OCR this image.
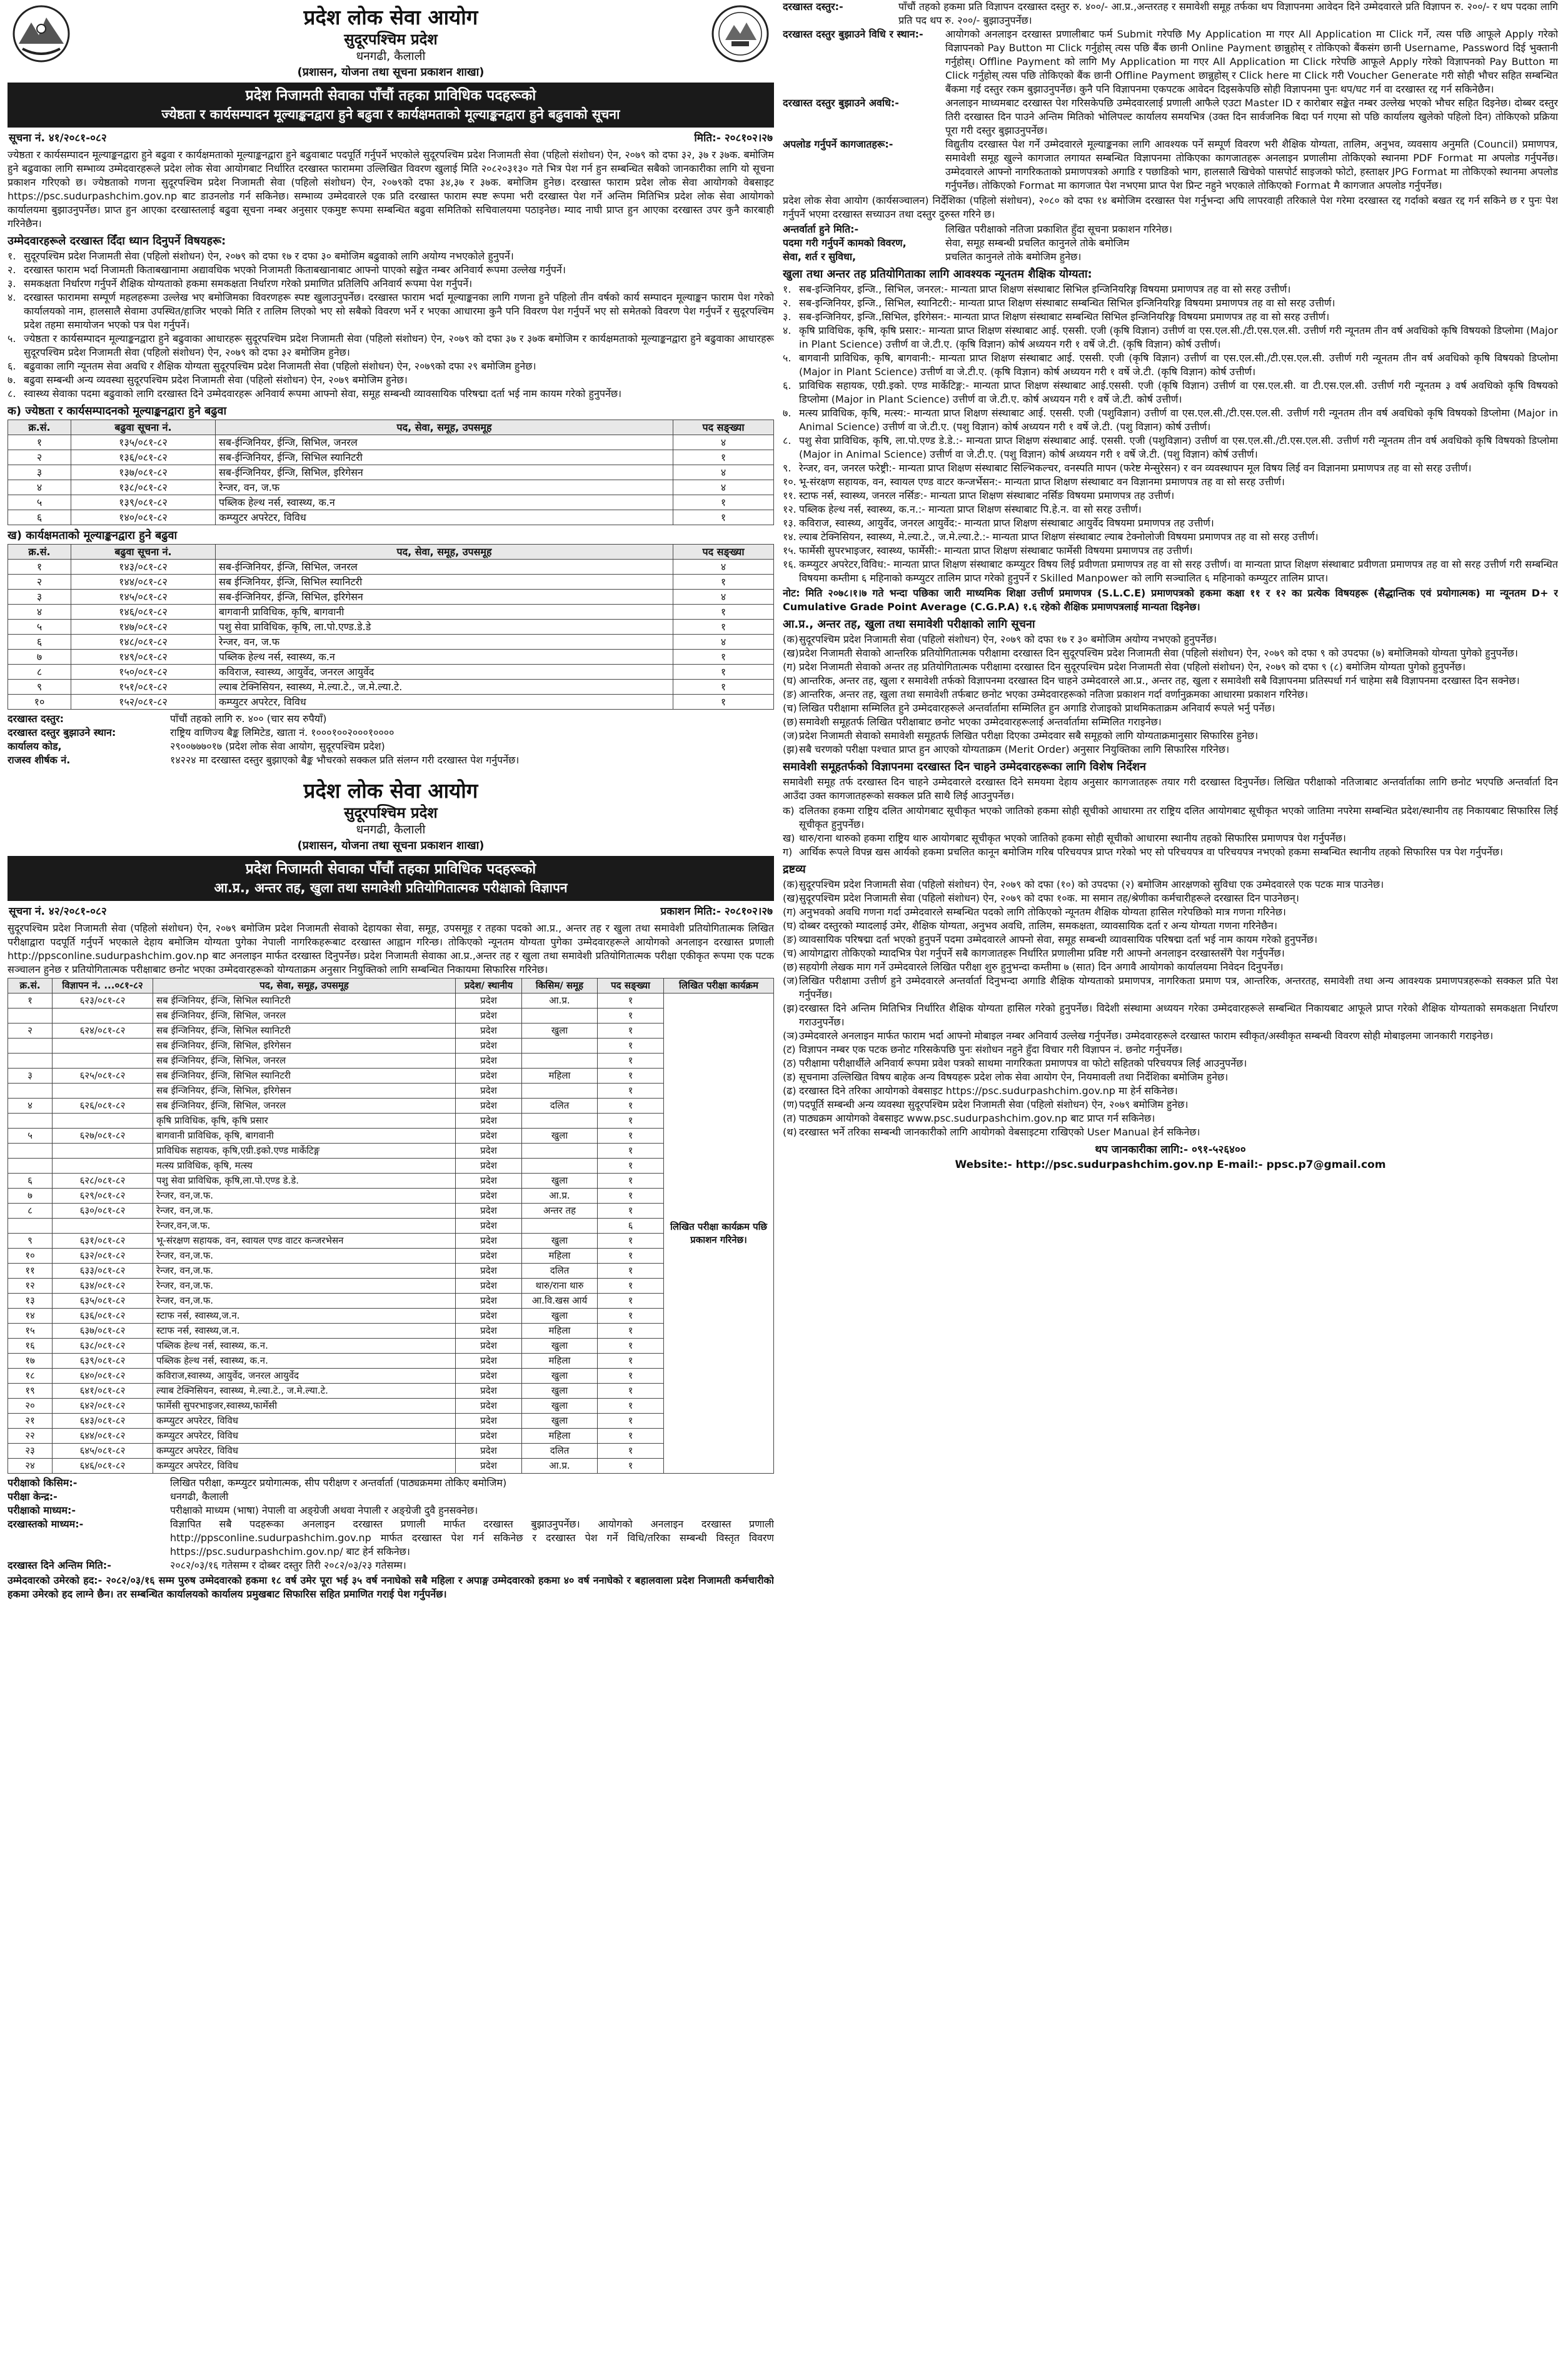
प्रदेश लोक सेवा आयोग
सुदूरपश्चिम प्रदेश
धनगढी, कैलाली
(प्रशासन, योजना तथा सूचना प्रकाशन शाखा)
प्रदेश निजामती सेवाका पाँचौं तहका प्राविधिक पदहरूको
ज्येष्ठता र कार्यसम्पादन मूल्याङ्कनद्वारा हुने बढुवा र कार्यक्षमताको मूल्याङ्कनद्वारा हुने बढुवाको सूचना
सूचना नं. ४१/२०८१-०८२	मिति:- २०८१०२।२७

ज्येष्ठता र कार्यसम्पादन मूल्याङ्कनद्वारा हुने बढुवा र कार्यक्षमताको मूल्याङ्कनद्वारा हुने बढुवाबाट पदपूर्ति गर्नुपर्ने भएकोले सुदूरपश्चिम प्रदेश निजामती सेवा (पहिलो संशोधन) ऐन, २०७९ को दफा ३२, ३७ र ३७क. बमोजिम हुने बढुवाका लागि सम्भाव्य उम्मेदवारहरूले प्रदेश लोक सेवा आयोगबाट निर्धारित दरखास्त फाराममा उल्लिखित विवरण खुलाई मिति २०८२०३१३० गते भित्र पेश गर्न हुन सम्बन्धित सबैको जानकारीका लागि यो सूचना प्रकाशन गरिएको छ। ज्येष्ठताको गणना सुदूरपश्चिम प्रदेश निजामती सेवा (पहिलो संशोधन) ऐन, २०७९को दफा ३४,३७ र ३७क. बमोजिम हुनेछ। दरखास्त फाराम प्रदेश लोक सेवा आयोगको वेबसाइट https://psc.sudurpashchim.gov.np बाट डाउनलोड गर्न सकिनेछ। सम्भाव्य उम्मेदवारले एक प्रति दरखास्त फाराम स्पष्ट रूपमा भरी दरखास्त पेश गर्ने अन्तिम मितिभित्र प्रदेश लोक सेवा आयोगको कार्यालयमा बुझाउनुपर्नेछ। प्राप्त हुन आएका दरखास्तलाई बढुवा सूचना नम्बर अनुसार एकमुष्ट रूपमा सम्बन्धित बढुवा समितिको सचिवालयमा पठाइनेछ। म्याद नाघी प्राप्त हुन आएका दरखास्त उपर कुनै कारबाही गरिनेछैन।

उम्मेदवारहरूले दरखास्त दिँदा ध्यान दिनुपर्ने विषयहरू:
१. सुदूरपश्चिम प्रदेश निजामती सेवा (पहिलो संशोधन) ऐन, २०७९ को दफा १७ र दफा ३० बमोजिम बढुवाको लागि अयोग्य नभएकोले हुनुपर्ने।
२. दरखास्त फाराम भर्दा निजामती किताबखानामा अद्यावधिक भएको निजामती किताबखानाबाट आफ्नो पाएको सङ्केत नम्बर अनिवार्य रूपमा उल्लेख गर्नुपर्ने।
३. समकक्षता निर्धारण गर्नुपर्ने शैक्षिक योग्यताको हकमा समकक्षता निर्धारण गरेको प्रमाणित प्रतिलिपि अनिवार्य रूपमा पेश गर्नुपर्ने।
४. दरखास्त फाराममा सम्पूर्ण महलहरूमा उल्लेख भए बमोजिमका विवरणहरू स्पष्ट खुलाउनुपर्नेछ। दरखास्त फाराम भर्दा मूल्याङ्कनका लागि गणना हुने पहिलो तीन वर्षको कार्य सम्पादन मूल्याङ्कन फाराम पेश गरेको कार्यालयको नाम, हालसालै सेवामा उपस्थित/हाजिर भएको मिति र तालिम लिएको भए सो सबैको विवरण भर्ने र भएका आधारमा कुनै पनि विवरण पेश गर्नुपर्ने भए सो समेतको विवरण पेश गर्नुपर्ने र सुदूरपश्चिम प्रदेश तहमा समायोजन भएको पत्र पेश गर्नुपर्ने।
५. ज्येष्ठता र कार्यसम्पादन मूल्याङ्कनद्वारा हुने बढुवाका आधारहरू सुदूरपश्चिम प्रदेश निजामती सेवा (पहिलो संशोधन) ऐन, २०७९ को दफा ३७ र ३७क बमोजिम र कार्यक्षमताको मूल्याङ्कनद्वारा हुने बढुवाका आधारहरू सुदूरपश्चिम प्रदेश निजामती सेवा (पहिलो संशोधन) ऐन, २०७९ को दफा ३२ बमोजिम हुनेछ।
६. बढुवाका लागि न्यूनतम सेवा अवधि र शैक्षिक योग्यता सुदूरपश्चिम प्रदेश निजामती सेवा (पहिलो संशोधन) ऐन, २०७९को दफा २९ बमोजिम हुनेछ।
७. बढुवा सम्बन्धी अन्य व्यवस्था सुदूरपश्चिम प्रदेश निजामती सेवा (पहिलो संशोधन) ऐन, २०७९ बमोजिम हुनेछ।
८. स्वास्थ्य सेवाका पदमा बढुवाको लागि दरखास्त दिने उम्मेदवारहरू अनिवार्य रूपमा आफ्नो सेवा, समूह सम्बन्धी व्यावसायिक परिषद्मा दर्ता भई नाम कायम गरेको हुनुपर्नेछ।
क) ज्येष्ठता र कार्यसम्पादनको मूल्याङ्कनद्वारा हुने बढुवा
क्र.सं.	बढुवा सूचना नं.	पद, सेवा, समूह, उपसमूह	पद सङ्ख्या
१	१३५/०८१-८२	सब-ईन्जिनियर, ईन्जि, सिभिल, जनरल	४
२	१३६/०८१-८२	सब-ईन्जिनियर, ईन्जि, सिभिल स्यानिटरी	१
३	१३७/०८१-८२	सब-ईन्जिनियर, ईन्जि, सिभिल, इरिगेसन	४
४	१३८/०८१-८२	रेन्जर, वन, ज.फ	४
५	१३९/०८१-८२	पब्लिक हेल्थ नर्स, स्वास्थ्य, क.न	१
६	१४०/०८१-८२	कम्प्युटर अपरेटर, विविध	१
ख) कार्यक्षमताको मूल्याङ्कनद्वारा हुने बढुवा
क्र.सं.	बढुवा सूचना नं.	पद, सेवा, समूह, उपसमूह	पद सङ्ख्या
१	१४३/०८१-८२	सब-ईन्जिनियर, ईन्जि, सिभिल, जनरल	४
२	१४४/०८१-८२	सब ईन्जिनियर, ईन्जि, सिभिल स्यानिटरी	१
३	१४५/०८१-८२	सब-ईन्जिनियर, ईन्जि, सिभिल, इरिगेसन	४
४	१४६/०८१-८२	बागवानी प्राविधिक, कृषि, बागवानी	१
५	१४७/०८१-८२	पशु सेवा प्राविधिक, कृषि, ला.पो.एण्ड.डे.डे	१
६	१४८/०८१-८२	रेन्जर, वन, ज.फ	४
७	१४९/०८१-८२	पब्लिक हेल्थ नर्स, स्वास्थ्य, क.न	१
८	१५०/०८१-८२	कविराज, स्वास्थ्य, आयुर्वेद, जनरल आयुर्वेद	१
९	१५१/०८१-८२	ल्याब टेक्निसियन, स्वास्थ्य, मे.ल्या.टे., ज.मे.ल्या.टे.	१
१०	१५२/०८१-८२	कम्प्युटर अपरेटर, विविध	१
दरखास्त दस्तुर:	पाँचौं तहको लागि रु. ४०० (चार सय रुपैयाँ)
दरखास्त दस्तुर बुझाउने स्थान:	राष्ट्रिय वाणिज्य बैङ्क लिमिटेड, खाता नं. १०००१००२०००१००००
कार्यालय कोड,	२९००७७७०१७ (प्रदेश लोक सेवा आयोग, सुदूरपश्चिम प्रदेश)
राजस्व शीर्षक नं.	१४२२४ मा दरखास्त दस्तुर बुझाएको बैङ्क भौचरको सक्कल प्रति संलग्न गरी दरखास्त पेश गर्नुपर्नेछ।
प्रदेश लोक सेवा आयोग
सुदूरपश्चिम प्रदेश
धनगढी, कैलाली
(प्रशासन, योजना तथा सूचना प्रकाशन शाखा)
प्रदेश निजामती सेवाका पाँचौं तहका प्राविधिक पदहरूको
आ.प्र., अन्तर तह, खुला तथा समावेशी प्रतियोगितात्मक परीक्षाको विज्ञापन
सूचना नं. ४२/२०८१-०८२	प्रकाशन मिति:- २०८१०२।२७

सुदूरपश्चिम प्रदेश निजामती सेवा (पहिलो संशोधन) ऐन, २०७९ बमोजिम प्रदेश निजामती सेवाको देहायका सेवा, समूह, उपसमूह र तहका पदको आ.प्र., अन्तर तह र खुला तथा समावेशी प्रतियोगितात्मक लिखित परीक्षाद्वारा पदपूर्ति गर्नुपर्ने भएकाले देहाय बमोजिम योग्यता पुगेका नेपाली नागरिकहरूबाट दरखास्त आह्वान गरिन्छ। तोकिएको न्यूनतम योग्यता पुगेका उम्मेदवारहरूले आयोगको अनलाइन दरखास्त प्रणाली http://ppsconline.sudurpashchim.gov.np बाट अनलाइन मार्फत दरखास्त दिनुपर्नेछ। प्रदेश निजामती सेवाका आ.प्र.,अन्तर तह र खुला तथा समावेशी प्रतियोगितात्मक परीक्षा एकीकृत रूपमा एक पटक सञ्चालन हुनेछ र प्रतियोगितात्मक परीक्षाबाट छनोट भएका उम्मेदवारहरूको योग्यताक्रम अनुसार नियुक्तिको लागि सम्बन्धित निकायमा सिफारिस गरिनेछ।

क्र.सं.	विज्ञापन नं. ...०८१-८२	पद, सेवा, समूह, उपसमूह	प्रदेश/ स्थानीय	किसिम/ समूह	पद सङ्ख्या	लिखित परीक्षा कार्यक्रम
१	६२३/०८१-८२	सब ईन्जिनियर, ईन्जि, सिभिल स्यानिटरी	प्रदेश	आ.प्र.	१	लिखित परीक्षा कार्यक्रम पछि प्रकाशन गरिनेछ।
		सब ईन्जिनियर, ईन्जि, सिभिल, जनरल	प्रदेश		१	
२	६२४/०८१-८२	सब ईन्जिनियर, ईन्जि, सिभिल स्यानिटरी	प्रदेश	खुला	१	
		सब ईन्जिनियर, ईन्जि, सिभिल, इरिगेसन	प्रदेश		१	
		सब ईन्जिनियर, ईन्जि, सिभिल, जनरल	प्रदेश		१	
३	६२५/०८१-८२	सब ईन्जिनियर, ईन्जि, सिभिल स्यानिटरी	प्रदेश	महिला	१	
		सब ईन्जिनियर, ईन्जि, सिभिल, इरिगेसन	प्रदेश		१	
४	६२६/०८१-८२	सब ईन्जिनियर, ईन्जि, सिभिल, जनरल	प्रदेश	दलित	१	
		कृषि प्राविधिक, कृषि, कृषि प्रसार	प्रदेश		१	
५	६२७/०८१-८२	बागवानी प्राविधिक, कृषि, बागवानी	प्रदेश	खुला	१	
		प्राविधिक सहायक, कृषि,एग्री.इको.एण्ड मार्केटिङ्ग	प्रदेश		१	
		मत्स्य प्राविधिक, कृषि, मत्स्य	प्रदेश		१	
६	६२८/०८१-८२	पशु सेवा प्राविधिक, कृषि,ला.पो.एण्ड डे.डे.	प्रदेश	खुला	१	
७	६२९/०८१-८२	रेन्जर, वन,ज.फ.	प्रदेश	आ.प्र.	१	
८	६३०/०८१-८२	रेन्जर, वन,ज.फ.	प्रदेश	अन्तर तह	१	
		रेन्जर,वन,ज.फ.	प्रदेश		६	
९	६३१/०८१-८२	भू-संरक्षण सहायक, वन, स्वायल एण्ड वाटर कन्जरभेसन	प्रदेश	खुला	१	
१०	६३२/०८१-८२	रेन्जर, वन,ज.फ.	प्रदेश	महिला	१	
११	६३३/०८१-८२	रेन्जर, वन,ज.फ.	प्रदेश	दलित	१	
१२	६३४/०८१-८२	रेन्जर, वन,ज.फ.	प्रदेश	थारु/राना थारु	१	
१३	६३५/०८१-८२	रेन्जर, वन,ज.फ.	प्रदेश	आ.वि.खस आर्य	१	
१४	६३६/०८१-८२	स्टाफ नर्स, स्वास्थ्य,ज.न.	प्रदेश	खुला	१	
१५	६३७/०८१-८२	स्टाफ नर्स, स्वास्थ्य,ज.न.	प्रदेश	महिला	१	
१६	६३८/०८१-८२	पब्लिक हेल्थ नर्स, स्वास्थ्य, क.न.	प्रदेश	खुला	१	
१७	६३९/०८१-८२	पब्लिक हेल्थ नर्स, स्वास्थ्य, क.न.	प्रदेश	महिला	१	
१८	६४०/०८१-८२	कविराज,स्वास्थ्य, आयुर्वेद, जनरल आयुर्वेद	प्रदेश	खुला	१	
१९	६४१/०८१-८२	ल्याब टेक्निसियन, स्वास्थ्य, मे.ल्या.टे., ज.मे.ल्या.टे.	प्रदेश	खुला	१	
२०	६४२/०८१-८२	फार्मेसी सुपरभाइजर,स्वास्थ्य,फार्मेसी	प्रदेश	खुला	१	
२१	६४३/०८१-८२	कम्प्युटर अपरेटर, विविध	प्रदेश	खुला	१	
२२	६४४/०८१-८२	कम्प्युटर अपरेटर, विविध	प्रदेश	महिला	१	
२३	६४५/०८१-८२	कम्प्युटर अपरेटर, विविध	प्रदेश	दलित	१	
२४	६४६/०८१-८२	कम्प्युटर अपरेटर, विविध	प्रदेश	आ.प्र.	१	
परीक्षाको किसिम:-	लिखित परीक्षा, कम्प्युटर प्रयोगात्मक, सीप परीक्षण र अन्तर्वार्ता (पाठ्यक्रममा तोकिए बमोजिम)
परीक्षा केन्द्र:-	धनगढी, कैलाली
परीक्षाको माध्यम:-	परीक्षाको माध्यम (भाषा) नेपाली वा अङ्ग्रेजी अथवा नेपाली र अङ्ग्रेजी दुवै हुनसक्नेछ।
दरखास्तको माध्यम:-	विज्ञापित सबै पदहरूका अनलाइन दरखास्त प्रणाली मार्फत दरखास्त बुझाउनुपर्नेछ। आयोगको अनलाइन दरखास्त प्रणाली http://ppsconline.sudurpashchim.gov.np मार्फत दरखास्त पेश गर्न सकिनेछ र दरखास्त पेश गर्ने विधि/तरिका सम्बन्धी विस्तृत विवरण https://psc.sudurpashchim.gov.np/ बाट हेर्न सकिनेछ।
दरखास्त दिने अन्तिम मिति:-	२०८२/०३/१६ गतेसम्म र दोब्बर दस्तुर तिरी २०८२/०३/२३ गतेसम्म।

उम्मेदवारको उमेरको हद:- २०८२/०३/१६ सम्म पुरुष उम्मेदवारको हकमा १८ वर्ष उमेर पूरा भई ३५ वर्ष ननाघेको सबै महिला र अपाङ्ग उम्मेदवारको हकमा ४० वर्ष ननाघेको र बहालवाला प्रदेश निजामती कर्मचारीको हकमा उमेरको हद लाग्ने छैन। तर सम्बन्धित कार्यालयको कार्यालय प्रमुखबाट सिफारिस सहित प्रमाणित गराई पेश गर्नुपर्नेछ।

दरखास्त दस्तुर:-	पाँचौं तहको हकमा प्रति विज्ञापन दरखास्त दस्तुर रु. ४००/- आ.प्र.,अन्तरतह र समावेशी समूह तर्फका थप विज्ञापनमा आवेदन दिने उम्मेदवारले प्रति विज्ञापन रु. २००/- र थप पदका लागि प्रति पद थप रु. २००/- बुझाउनुपर्नेछ।
दरखास्त दस्तुर बुझाउने विधि र स्थान:-	आयोगको अनलाइन दरखास्त प्रणालीबाट फर्म Submit गरेपछि My Application मा गएर All Application मा Click गर्ने, त्यस पछि आफूले Apply गरेको विज्ञापनको Pay Button मा Click गर्नुहोस् त्यस पछि बैंक छानी Online Payment छान्नुहोस् र तोकिएको बैंकसंग छानी Username, Password दिई भुक्तानी गर्नुहोस्। Offline Payment को लागि My Application मा गएर All Application मा Click गरेपछि आफूले Apply गरेको विज्ञापनको Pay Button मा Click गर्नुहोस् त्यस पछि तोकिएको बैंक छानी Offline Payment छान्नुहोस् र Click here मा Click गरी Voucher Generate गरी सोही भौचर सहित सम्बन्धित बैंकमा गई दस्तुर रकम बुझाउनुपर्नेछ। कुनै पनि विज्ञापनमा एकपटक आवेदन दिइसकेपछि सोही विज्ञापनमा पुनः थप/घट गर्न वा दरखास्त रद्द गर्न सकिनेछैन।
दरखास्त दस्तुर बुझाउने अवधि:-	अनलाइन माध्यमबाट दरखास्त पेश गरिसकेपछि उम्मेदवारलाई प्रणाली आफैले एउटा Master ID र कारोबार सङ्केत नम्बर उल्लेख भएको भौचर सहित दिइनेछ। दोब्बर दस्तुर तिरी दरखास्त दिन पाउने अन्तिम मितिको भोलिपल्ट कार्यालय समयभित्र (उक्त दिन सार्वजनिक बिदा पर्न गएमा सो पछि कार्यालय खुलेको पहिलो दिन) तोकिएको प्रक्रिया पूरा गरी दस्तुर बुझाउनुपर्नेछ।
अपलोड गर्नुपर्ने कागजातहरू:-	विद्युतीय दरखास्त पेश गर्ने उम्मेदवारले मूल्याङ्कनका लागि आवश्यक पर्ने सम्पूर्ण विवरण भरी शैक्षिक योग्यता, तालिम, अनुभव, व्यवसाय अनुमति (Council) प्रमाणपत्र, समावेशी समूह खुल्ने कागजात लगायत सम्बन्धित विज्ञापनमा तोकिएका कागजातहरू अनलाइन प्रणालीमा तोकिएको स्थानमा PDF Format मा अपलोड गर्नुपर्नेछ। उम्मेदवारले आफ्नो नागरिकताको प्रमाणपत्रको अगाडि र पछाडिको भाग, हालसालै खिचेको पासपोर्ट साइजको फोटो, हस्ताक्षर JPG Format मा तोकिएको स्थानमा अपलोड गर्नुपर्नेछ। तोकिएको Format मा कागजात पेश नभएमा प्राप्त पेश प्रिन्ट नहुने भएकाले तोकिएको Format मै कागजात अपलोड गर्नुपर्नेछ।

प्रदेश लोक सेवा आयोग (कार्यसञ्चालन) निर्देशिका (पहिलो संशोधन), २०८० को दफा १४ बमोजिम दरखास्त पेश गर्नुभन्दा अघि लापरवाही तरिकाले पेश गरेमा दरखास्त रद्द गर्दाको बखत रद्द गर्न सकिने छ र पुनः पेश गर्नुपर्ने भएमा दरखास्त सच्याउन तथा दस्तुर दुरुस्त गरिने छ।

अन्तर्वार्ता हुने मिति:-	लिखित परीक्षाको नतिजा प्रकाशित हुँदा सूचना प्रकाशन गरिनेछ।
पदमा गरी गर्नुपर्ने कामको विवरण,	सेवा, समूह सम्बन्धी प्रचलित कानुनले तोके बमोजिम
सेवा, शर्त र सुविधा,	प्रचलित कानुनले तोके बमोजिम हुनेछ।
खुला तथा अन्तर तह प्रतियोगिताका लागि आवश्यक न्यूनतम शैक्षिक योग्यता:
१. सब-इन्जिनियर, इन्जि., सिभिल, जनरल:- मान्यता प्राप्त शिक्षण संस्थाबाट सिभिल इन्जिनियरिङ्ग विषयमा प्रमाणपत्र तह वा सो सरह उत्तीर्ण।
२. सब-इन्जिनियर, इन्जि., सिभिल, स्यानिटरी:- मान्यता प्राप्त शिक्षण संस्थाबाट सम्बन्धित सिभिल इन्जिनियरिङ्ग विषयमा प्रमाणपत्र तह वा सो सरह उत्तीर्ण।
३. सब-इन्जिनियर, इन्जि.,सिभिल, इरिगेसन:- मान्यता प्राप्त शिक्षण संस्थाबाट सम्बन्धित सिभिल इन्जिनियरिङ्ग विषयमा प्रमाणपत्र तह वा सो सरह उत्तीर्ण।
४. कृषि प्राविधिक, कृषि, कृषि प्रसार:- मान्यता प्राप्त शिक्षण संस्थाबाट आई. एससी. एजी (कृषि विज्ञान) उत्तीर्ण वा एस.एल.सी./टी.एस.एल.सी. उत्तीर्ण गरी न्यूनतम तीन वर्ष अवधिको कृषि विषयको डिप्लोमा (Major in Plant Science) उत्तीर्ण वा जे.टी.ए. (कृषि विज्ञान) कोर्ष अध्ययन गरी १ वर्षे जे.टी. (कृषि विज्ञान) कोर्ष उत्तीर्ण।
५. बागवानी प्राविधिक, कृषि, बागवानी:- मान्यता प्राप्त शिक्षण संस्थाबाट आई. एससी. एजी (कृषि विज्ञान) उत्तीर्ण वा एस.एल.सी./टी.एस.एल.सी. उत्तीर्ण गरी न्यूनतम तीन वर्ष अवधिको कृषि विषयको डिप्लोमा (Major in Plant Science) उत्तीर्ण वा जे.टी.ए. (कृषि विज्ञान) कोर्ष अध्ययन गरी १ वर्षे जे.टी. (कृषि विज्ञान) कोर्ष उत्तीर्ण।
६. प्राविधिक सहायक, एग्री.इको. एण्ड मार्केटिङ्ग:- मान्यता प्राप्त शिक्षण संस्थाबाट आई.एससी. एजी (कृषि विज्ञान) उत्तीर्ण वा एस.एल.सी. वा टी.एस.एल.सी. उत्तीर्ण गरी न्यूनतम ३ वर्ष अवधिको कृषि विषयको डिप्लोमा (Major in Plant Science) उत्तीर्ण वा जे.टी.ए. कोर्ष अध्ययन गरी १ वर्षे जे.टी. कोर्ष उत्तीर्ण।
७. मत्स्य प्राविधिक, कृषि, मत्स्य:- मान्यता प्राप्त शिक्षण संस्थाबाट आई. एससी. एजी (पशुविज्ञान) उत्तीर्ण वा एस.एल.सी./टी.एस.एल.सी. उत्तीर्ण गरी न्यूनतम तीन वर्ष अवधिको कृषि विषयको डिप्लोमा (Major in Animal Science) उत्तीर्ण वा जे.टी.ए. (पशु विज्ञान) कोर्ष अध्ययन गरी १ वर्षे जे.टी. (पशु विज्ञान) कोर्ष उत्तीर्ण।
८. पशु सेवा प्राविधिक, कृषि, ला.पो.एण्ड डे.डे.:- मान्यता प्राप्त शिक्षण संस्थाबाट आई. एससी. एजी (पशुविज्ञान) उत्तीर्ण वा एस.एल.सी./टी.एस.एल.सी. उत्तीर्ण गरी न्यूनतम तीन वर्ष अवधिको कृषि विषयको डिप्लोमा (Major in Animal Science) उत्तीर्ण वा जे.टी.ए. (पशु विज्ञान) कोर्ष अध्ययन गरी १ वर्षे जे.टी. (पशु विज्ञान) कोर्ष उत्तीर्ण।
९. रेन्जर, वन, जनरल फरेष्ट्री:- मान्यता प्राप्त शिक्षण संस्थाबाट सिल्भिकल्चर, वनस्पति मापन (फरेष्ट मेन्सुरेसन) र वन व्यवस्थापन मूल विषय लिई वन विज्ञानमा प्रमाणपत्र तह वा सो सरह उत्तीर्ण।
१०. भू-संरक्षण सहायक, वन, स्वायल एण्ड वाटर कन्जर्भेसन:- मान्यता प्राप्त शिक्षण संस्थाबाट वन विज्ञानमा प्रमाणपत्र तह वा सो सरह उत्तीर्ण।
११. स्टाफ नर्स, स्वास्थ्य, जनरल नर्सिङ:- मान्यता प्राप्त शिक्षण संस्थाबाट नर्सिङ विषयमा प्रमाणपत्र तह उत्तीर्ण।
१२. पब्लिक हेल्थ नर्स, स्वास्थ्य, क.न.:- मान्यता प्राप्त शिक्षण संस्थाबाट पि.हे.न. वा सो सरह उत्तीर्ण।
१३. कविराज, स्वास्थ्य, आयुर्वेद, जनरल आयुर्वेद:- मान्यता प्राप्त शिक्षण संस्थाबाट आयुर्वेद विषयमा प्रमाणपत्र तह उत्तीर्ण।
१४. ल्याब टेक्निसियन, स्वास्थ्य, मे.ल्या.टे., ज.मे.ल्या.टे.:- मान्यता प्राप्त शिक्षण संस्थाबाट ल्याब टेक्नोलोजी विषयमा प्रमाणपत्र तह वा सो सरह उत्तीर्ण।
१५. फार्मेसी सुपरभाइजर, स्वास्थ्य, फार्मेसी:- मान्यता प्राप्त शिक्षण संस्थाबाट फार्मेसी विषयमा प्रमाणपत्र तह उत्तीर्ण।
१६. कम्प्युटर अपरेटर,विविध:- मान्यता प्राप्त शिक्षण संस्थाबाट कम्प्युटर विषय लिई प्रवीणता प्रमाणपत्र तह वा सो सरह उत्तीर्ण। वा मान्यता प्राप्त शिक्षण संस्थाबाट प्रवीणता प्रमाणपत्र तह वा सो सरह उत्तीर्ण गरी सम्बन्धित विषयमा कम्तीमा ६ महिनाको कम्प्युटर तालिम प्राप्त गरेको हुनुपर्ने र Skilled Manpower को लागि सञ्चालित ६ महिनाको कम्प्युटर तालिम प्राप्त।

नोट: मिति २०७८।१।७ गते भन्दा पछिका जारी माध्यमिक शिक्षा उत्तीर्ण प्रमाणपत्र (S.L.C.E) प्रमाणपत्रको हकमा कक्षा ११ र १२ का प्रत्येक विषयहरू (सैद्धान्तिक एवं प्रयोगात्मक) मा न्यूनतम D+ र Cumulative Grade Point Average (C.G.P.A) १.६ रहेको शैक्षिक प्रमाणपत्रलाई मान्यता दिइनेछ।

आ.प्र., अन्तर तह, खुला तथा समावेशी परीक्षाको लागि सूचना
(क)सुदूरपश्चिम प्रदेश निजामती सेवा (पहिलो संशोधन) ऐन, २०७९ को दफा १७ र ३० बमोजिम अयोग्य नभएको हुनुपर्नेछ।
(ख)प्रदेश निजामती सेवाको आन्तरिक प्रतियोगितात्मक परीक्षामा दरखास्त दिन सुदूरपश्चिम प्रदेश निजामती सेवा (पहिलो संशोधन) ऐन, २०७९ को दफा ९ को उपदफा (७) बमोजिमको योग्यता पुगेको हुनुपर्नेछ।
(ग) प्रदेश निजामती सेवाको अन्तर तह प्रतियोगितात्मक परीक्षामा दरखास्त दिन सुदूरपश्चिम प्रदेश निजामती सेवा (पहिलो संशोधन) ऐन, २०७९ को दफा ९ (८) बमोजिम योग्यता पुगेको हुनुपर्नेछ।
(घ) आन्तरिक, अन्तर तह, खुला र समावेशी तर्फको विज्ञापनमा दरखास्त दिन चाहने उम्मेदवारले आ.प्र., अन्तर तह, खुला र समावेशी सबै विज्ञापनमा प्रतिस्पर्धा गर्न चाहेमा सबै विज्ञापनमा दरखास्त दिन सक्नेछ।
(ङ) आन्तरिक, अन्तर तह, खुला तथा समावेशी तर्फबाट छनोट भएका उम्मेदवारहरूको नतिजा प्रकाशन गर्दा वर्णानुक्रमका आधारमा प्रकाशन गरिनेछ।
(च) लिखित परीक्षामा सम्मिलित हुने उम्मेदवारहरूले अन्तर्वार्तामा सम्मिलित हुन अगाडि रोजाइको प्राथमिकताक्रम अनिवार्य रूपले भर्नु पर्नेछ।
(छ) समावेशी समूहतर्फ लिखित परीक्षाबाट छनोट भएका उम्मेदवारहरूलाई अन्तर्वार्तामा सम्मिलित गराइनेछ।
(ज) प्रदेश निजामती सेवाको समावेशी समूहतर्फ लिखित परीक्षा दिएका उम्मेदवार सबै समूहको लागि योग्यताक्रमानुसार सिफारिस हुनेछ।
(झ)सबै चरणको परीक्षा पश्चात प्राप्त हुन आएको योग्यताक्रम (Merit Order) अनुसार नियुक्तिका लागि सिफारिस गरिनेछ।
समावेशी समूहतर्फको विज्ञापनमा दरखास्त दिन चाहने उम्मेदवारहरूका लागि विशेष निर्देशन

समावेशी समूह तर्फ दरखास्त दिन चाहने उम्मेदवारले दरखास्त दिने समयमा देहाय अनुसार कागजातहरू तयार गरी दरखास्त दिनुपर्नेछ। लिखित परीक्षाको नतिजाबाट अन्तर्वार्ताका लागि छनोट भएपछि अन्तर्वार्ता दिन आउँदा उक्त कागजातहरूको सक्कल प्रति साथै लिई आउनुपर्नेछ।

क) दलितका हकमा राष्ट्रिय दलित आयोगबाट सूचीकृत भएको जातिको हकमा सोही सूचीको आधारमा तर राष्ट्रिय दलित आयोगबाट सूचीकृत भएको जातिमा नपरेमा सम्बन्धित प्रदेश/स्थानीय तह निकायबाट सिफारिस लिई सूचीकृत हुनुपर्नेछ।
ख) थारु/राना थारुको हकमा राष्ट्रिय थारु आयोगबाट सूचीकृत भएको जातिको हकमा सोही सूचीको आधारमा स्थानीय तहको सिफारिस प्रमाणपत्र पेश गर्नुपर्नेछ।
ग) आर्थिक रूपले विपन्न खस आर्यको हकमा प्रचलित कानून बमोजिम गरिब परिचयपत्र प्राप्त गरेको भए सो परिचयपत्र वा परिचयपत्र नभएको हकमा सम्बन्धित स्थानीय तहको सिफारिस पत्र पेश गर्नुपर्नेछ।
द्रष्टव्य
(क)सुदूरपश्चिम प्रदेश निजामती सेवा (पहिलो संशोधन) ऐन, २०७९ को दफा (१०) को उपदफा (२) बमोजिम आरक्षणको सुविधा एक उम्मेदवारले एक पटक मात्र पाउनेछ।
(ख)सुदूरपश्चिम प्रदेश निजामती सेवा (पहिलो संशोधन) ऐन, २०७९ को दफा १०क. मा समान तह/श्रेणीका कर्मचारीहरूले दरखास्त दिन पाउनेछन्।
(ग) अनुभवको अवधि गणना गर्दा उम्मेदवारले सम्बन्धित पदको लागि तोकिएको न्यूनतम शैक्षिक योग्यता हासिल गरेपछिको मात्र गणना गरिनेछ।
(घ) दोब्बर दस्तुरको म्यादलाई उमेर, शैक्षिक योग्यता, अनुभव अवधि, तालिम, समकक्षता, व्यावसायिक दर्ता र अन्य योग्यता गणना गरिनेछैन।
(ङ) व्यावसायिक परिषद्मा दर्ता भएको हुनुपर्ने पदमा उम्मेदवारले आफ्नो सेवा, समूह सम्बन्धी व्यावसायिक परिषद्मा दर्ता भई नाम कायम गरेको हुनुपर्नेछ।
(च) आयोगद्वारा तोकिएको म्यादभित्र पेश गर्नुपर्ने सबै कागजातहरू निर्धारित प्रणालीमा प्रविष्ट गरी आफ्नो अनलाइन दरखास्तसँगै पेश गर्नुपर्नेछ।
(छ) सहयोगी लेखक माग गर्ने उम्मेदवारले लिखित परीक्षा शुरु हुनुभन्दा कम्तीमा ७ (सात) दिन अगावै आयोगको कार्यालयमा निवेदन दिनुपर्नेछ।
(ज) लिखित परीक्षामा उत्तीर्ण हुने उम्मेदवारले अन्तर्वार्ता दिनुभन्दा अगाडि शैक्षिक योग्यताको प्रमाणपत्र, नागरिकता प्रमाण पत्र, आन्तरिक, अन्तरतह, समावेशी तथा अन्य आवश्यक प्रमाणपत्रहरूको सक्कल प्रति पेश गर्नुपर्नेछ।
(झ)दरखास्त दिने अन्तिम मितिभित्र निर्धारित शैक्षिक योग्यता हासिल गरेको हुनुपर्नेछ। विदेशी संस्थामा अध्ययन गरेका उम्मेदवारहरूले सम्बन्धित निकायबाट आफूले प्राप्त गरेको शैक्षिक योग्यताको समकक्षता निर्धारण गराउनुपर्नेछ।
(ञ) उम्मेदवारले अनलाइन मार्फत फाराम भर्दा आफ्नो मोबाइल नम्बर अनिवार्य उल्लेख गर्नुपर्नेछ। उम्मेदवारहरूले दरखास्त फाराम स्वीकृत/अस्वीकृत सम्बन्धी विवरण सोही मोबाइलमा जानकारी गराइनेछ।
(ट) विज्ञापन नम्बर एक पटक छनोट गरिसकेपछि पुनः संशोधन नहुने हुँदा विचार गरी विज्ञापन नं. छनोट गर्नुपर्नेछ।
(ठ) परीक्षामा परीक्षार्थीले अनिवार्य रूपमा प्रवेश पत्रको साथमा नागरिकता प्रमाणपत्र वा फोटो सहितको परिचयपत्र लिई आउनुपर्नेछ।
(ड) सूचनामा उल्लिखित विषय बाहेक अन्य विषयहरू प्रदेश लोक सेवा आयोग ऐन, नियमावली तथा निर्देशिका बमोजिम हुनेछ।
(ढ) दरखास्त दिने तरिका आयोगको वेबसाइट https://psc.sudurpashchim.gov.np मा हेर्न सकिनेछ।
(ण) पदपूर्ति सम्बन्धी अन्य व्यवस्था सुदूरपश्चिम प्रदेश निजामती सेवा (पहिलो संशोधन) ऐन, २०७९ बमोजिम हुनेछ।
(त) पाठ्यक्रम आयोगको वेबसाइट www.psc.sudurpashchim.gov.np बाट प्राप्त गर्न सकिनेछ।
(थ) दरखास्त भर्ने तरिका सम्बन्धी जानकारीको लागि आयोगको वेबसाइटमा राखिएको User Manual हेर्न सकिनेछ।
थप जानकारीका लागि:- ०९१-५२६४००
Website:- http://psc.sudurpashchim.gov.np E-mail:- ppsc.p7@gmail.com
